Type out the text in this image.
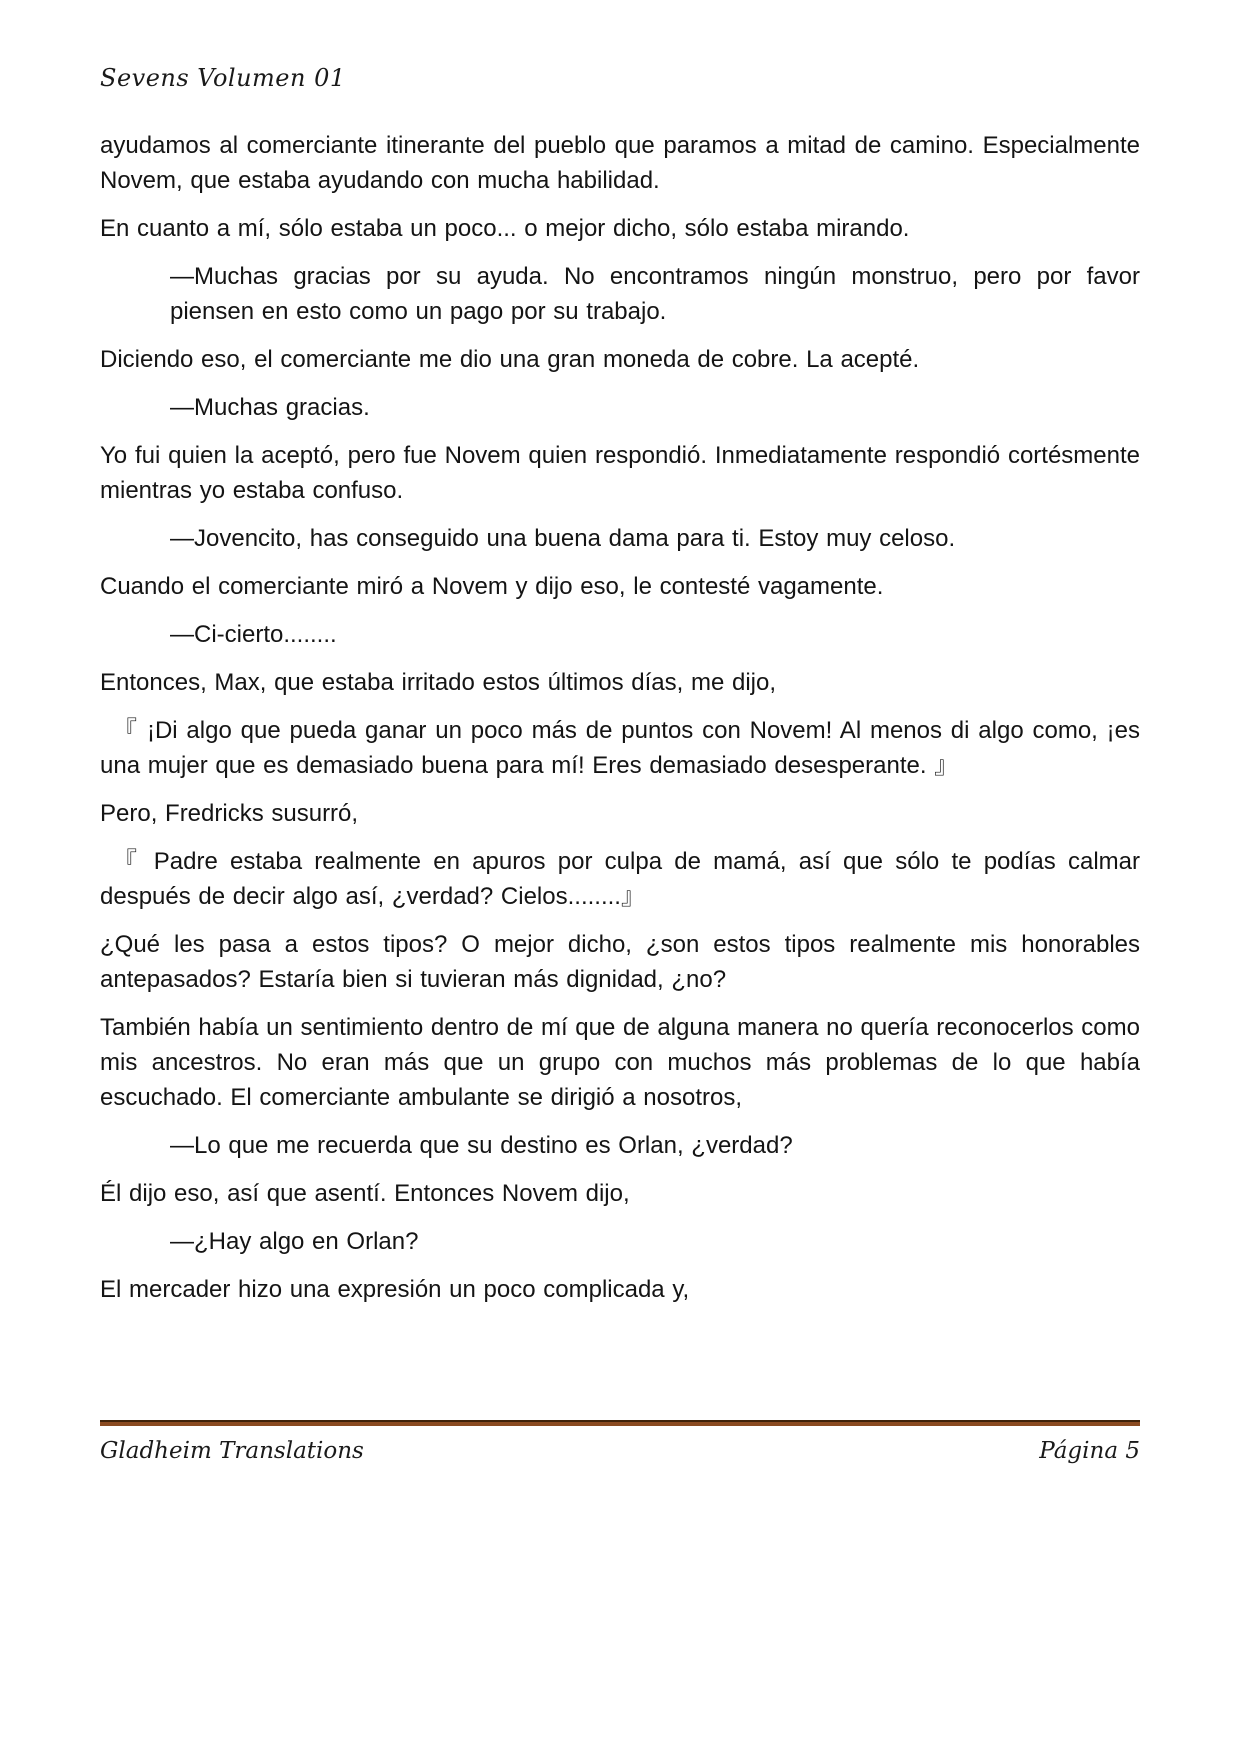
Sevens Volumen 01

ayudamos al comerciante itinerante del pueblo que paramos a mitad de camino. Especialmente Novem, que estaba ayudando con mucha habilidad.

En cuanto a mí, sólo estaba un poco... o mejor dicho, sólo estaba mirando.

—Muchas gracias por su ayuda. No encontramos ningún monstruo, pero por favor piensen en esto como un pago por su trabajo.

Diciendo eso, el comerciante me dio una gran moneda de cobre. La acepté.

—Muchas gracias.

Yo fui quien la aceptó, pero fue Novem quien respondió. Inmediatamente respondió cortésmente mientras yo estaba confuso.

—Jovencito, has conseguido una buena dama para ti. Estoy muy celoso.

Cuando el comerciante miró a Novem y dijo eso, le contesté vagamente.

—Ci-cierto........

Entonces, Max, que estaba irritado estos últimos días, me dijo,

『 ¡Di algo que pueda ganar un poco más de puntos con Novem! Al menos di algo como, ¡es una mujer que es demasiado buena para mí! Eres demasiado desesperante. 』

Pero, Fredricks susurró,

『 Padre estaba realmente en apuros por culpa de mamá, así que sólo te podías calmar después de decir algo así, ¿verdad? Cielos........』

¿Qué les pasa a estos tipos? O mejor dicho, ¿son estos tipos realmente mis honorables antepasados? Estaría bien si tuvieran más dignidad, ¿no?

También había un sentimiento dentro de mí que de alguna manera no quería reconocerlos como mis ancestros. No eran más que un grupo con muchos más problemas de lo que había escuchado. El comerciante ambulante se dirigió a nosotros,

—Lo que me recuerda que su destino es Orlan, ¿verdad?

Él dijo eso, así que asentí. Entonces Novem dijo,

—¿Hay algo en Orlan?

El mercader hizo una expresión un poco complicada y,

Gladheim Translations	Página 5
